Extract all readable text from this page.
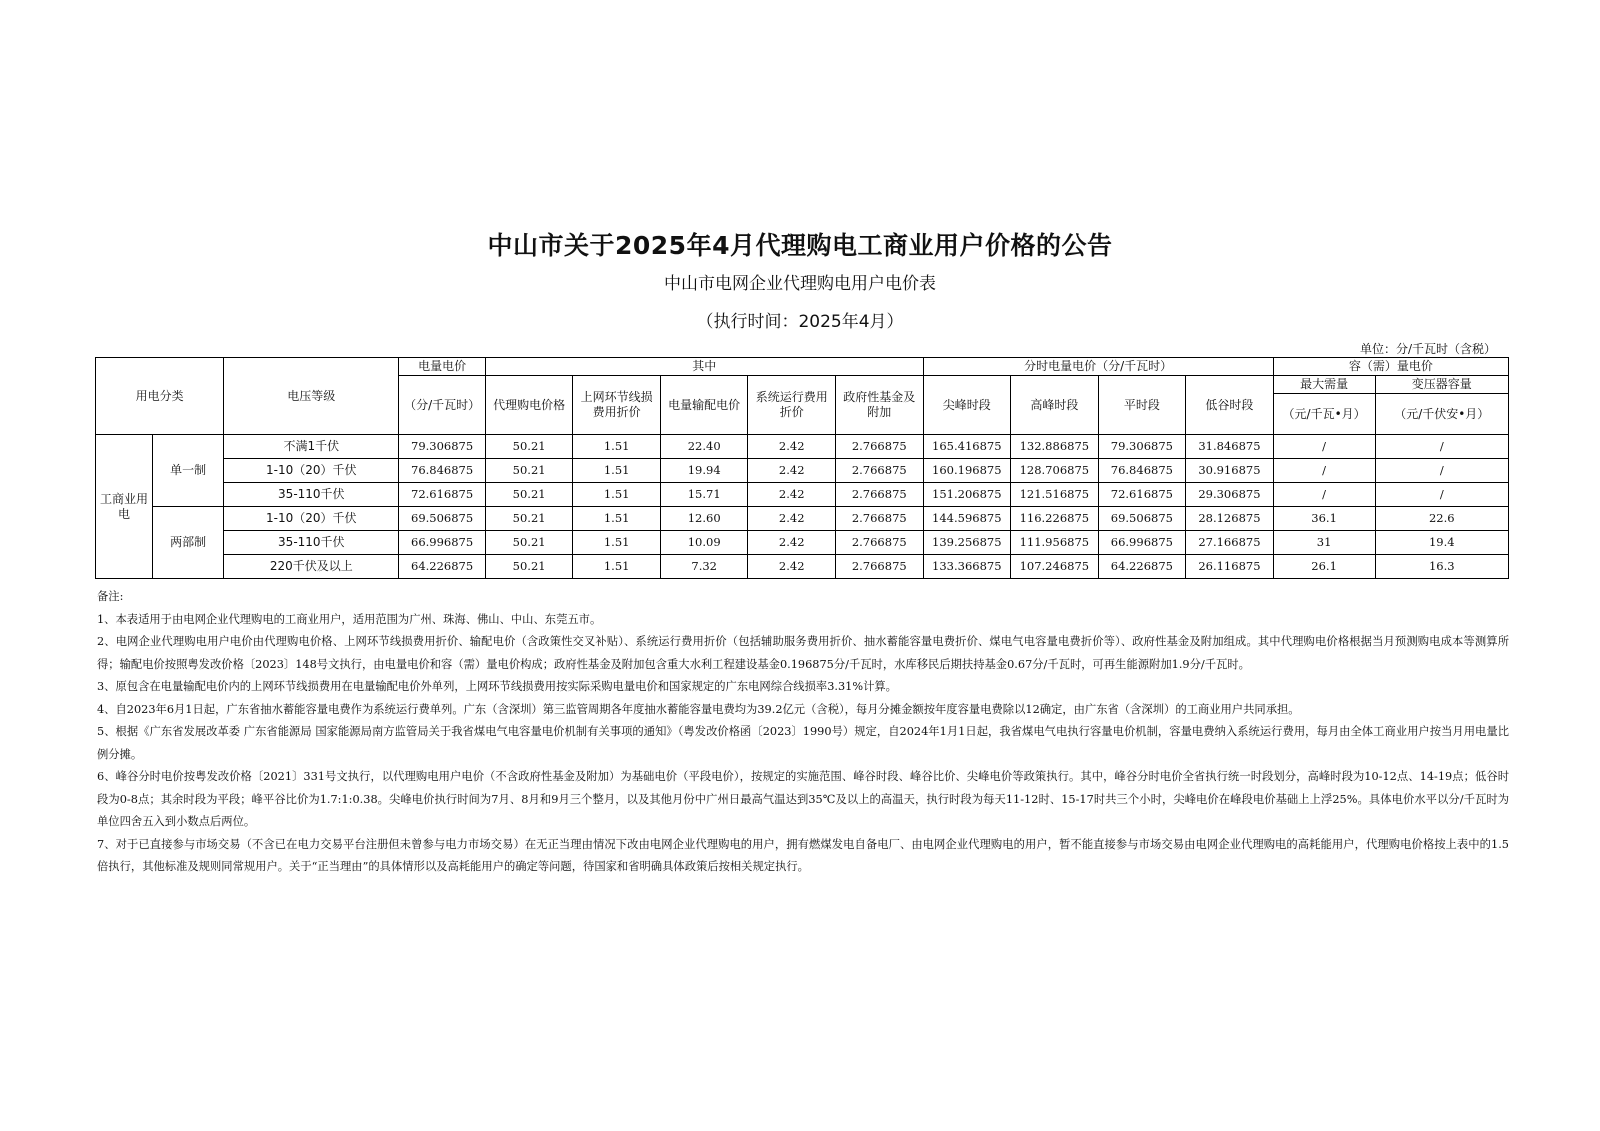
中山市关于2025年4月代理购电工商业用户价格的公告
中山市电网企业代理购电用户电价表
（执行时间：2025年4月）
单位：分/千瓦时（含税）
用电分类		电压等级	电量电价	其中					分时电量电价（分/千瓦时）				容（需）量电价	
			（分/千瓦时）	代理购电价格	上网环节线损费用折价	电量输配电价	系统运行费用折价	政府性基金及附加	尖峰时段	高峰时段	平时段	低谷时段	最大需量	变压器容量
													（元/千瓦•月）	（元/千伏安•月）
工商业用电	单一制	不满1千伏	79.306875	50.21	1.51	22.40	2.42	2.766875	165.416875	132.886875	79.306875	31.846875	/	/
		1-10（20）千伏	76.846875	50.21	1.51	19.94	2.42	2.766875	160.196875	128.706875	76.846875	30.916875	/	/
		35-110千伏	72.616875	50.21	1.51	15.71	2.42	2.766875	151.206875	121.516875	72.616875	29.306875	/	/
	两部制	1-10（20）千伏	69.506875	50.21	1.51	12.60	2.42	2.766875	144.596875	116.226875	69.506875	28.126875	36.1	22.6
		35-110千伏	66.996875	50.21	1.51	10.09	2.42	2.766875	139.256875	111.956875	66.996875	27.166875	31	19.4
		220千伏及以上	64.226875	50.21	1.51	7.32	2.42	2.766875	133.366875	107.246875	64.226875	26.116875	26.1	16.3

备注:

1、本表适用于由电网企业代理购电的工商业用户，适用范围为广州、珠海、佛山、中山、东莞五市。

2、电网企业代理购电用户电价由代理购电价格、上网环节线损费用折价、输配电价（含政策性交叉补贴）、系统运行费用折价（包括辅助服务费用折价、抽水蓄能容量电费折价、煤电气电容量电费折价等）、政府性基金及附加组成。其中代理购电价格根据当月预测购电成本等测算所得；输配电价按照粤发改价格〔2023〕148号文执行，由电量电价和容（需）量电价构成；政府性基金及附加包含重大水利工程建设基金0.196875分/千瓦时，水库移民后期扶持基金0.67分/千瓦时，可再生能源附加1.9分/千瓦时。

3、原包含在电量输配电价内的上网环节线损费用在电量输配电价外单列，上网环节线损费用按实际采购电量电价和国家规定的广东电网综合线损率3.31%计算。

4、自2023年6月1日起，广东省抽水蓄能容量电费作为系统运行费单列。广东（含深圳）第三监管周期各年度抽水蓄能容量电费均为39.2亿元（含税），每月分摊金额按年度容量电费除以12确定，由广东省（含深圳）的工商业用户共同承担。

5、根据《广东省发展改革委 广东省能源局 国家能源局南方监管局关于我省煤电气电容量电价机制有关事项的通知》（粤发改价格函〔2023〕1990号）规定，自2024年1月1日起，我省煤电气电执行容量电价机制，容量电费纳入系统运行费用，每月由全体工商业用户按当月用电量比例分摊。

6、峰谷分时电价按粤发改价格〔2021〕331号文执行，以代理购电用户电价（不含政府性基金及附加）为基础电价（平段电价），按规定的实施范围、峰谷时段、峰谷比价、尖峰电价等政策执行。其中，峰谷分时电价全省执行统一时段划分，高峰时段为10-12点、14-19点；低谷时段为0-8点；其余时段为平段；峰平谷比价为1.7:1:0.38。尖峰电价执行时间为7月、8月和9月三个整月，以及其他月份中广州日最高气温达到35℃及以上的高温天，执行时段为每天11-12时、15-17时共三个小时，尖峰电价在峰段电价基础上上浮25%。具体电价水平以分/千瓦时为单位四舍五入到小数点后两位。

7、对于已直接参与市场交易（不含已在电力交易平台注册但未曾参与电力市场交易）在无正当理由情况下改由电网企业代理购电的用户，拥有燃煤发电自备电厂、由电网企业代理购电的用户，暂不能直接参与市场交易由电网企业代理购电的高耗能用户，代理购电价格按上表中的1.5倍执行，其他标准及规则同常规用户。关于“正当理由”的具体情形以及高耗能用户的确定等问题，待国家和省明确具体政策后按相关规定执行。
